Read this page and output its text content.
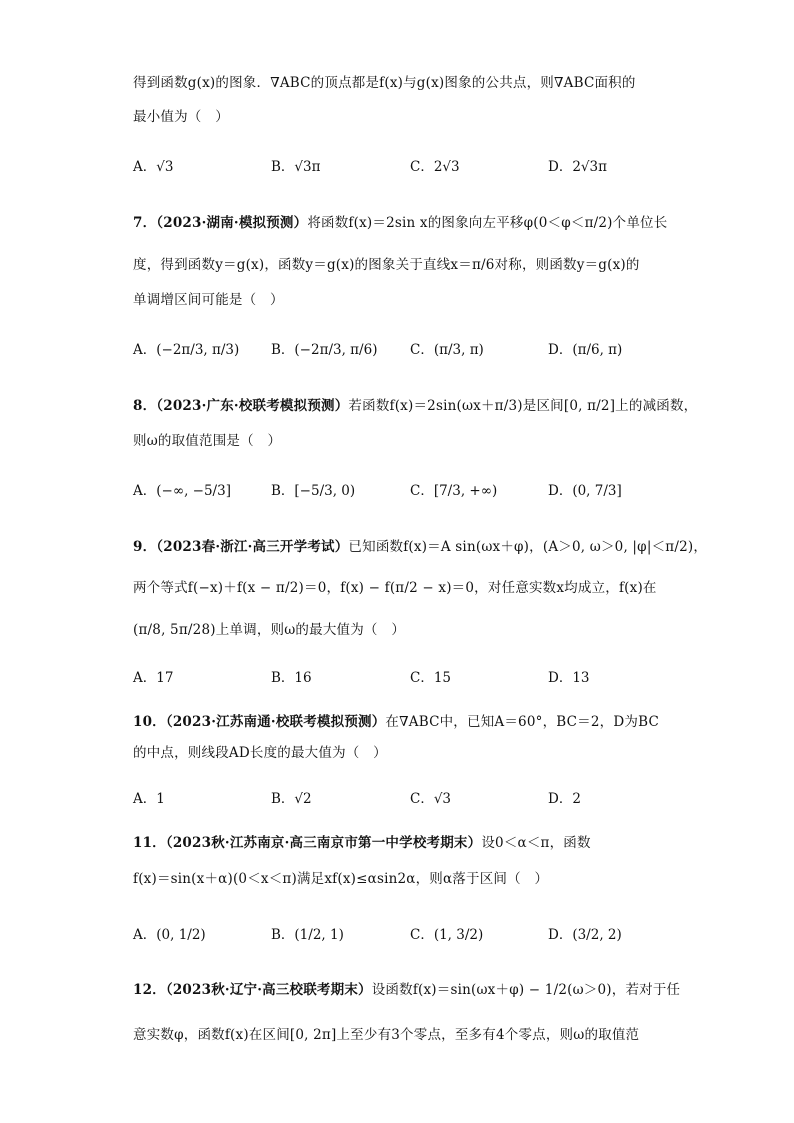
得到函数g(x)的图象．∇ABC的顶点都是f(x)与g(x)图象的公共点，则∇ABC面积的
最小值为（　）
A．√3	B．√3π	C．2√3	D．2√3π
7．（2023·湖南·模拟预测）将函数f(x)＝2sin x的图象向左平移φ(0＜φ＜π/2)个单位长
度，得到函数y＝g(x)，函数y＝g(x)的图象关于直线x＝π/6对称，则函数y＝g(x)的
单调增区间可能是（　）
A．(−2π/3, π/3) B．(−2π/3, π/6) C．(π/3, π)	D．(π/6, π)
8．（2023·广东·校联考模拟预测）若函数f(x)＝2sin(ωx＋π/3)是区间[0, π/2]上的减函数，
则ω的取值范围是（　）
A．(−∞, −5/3]	B．[−5/3, 0)	C．[7/3, +∞)	D．(0, 7/3]
9．（2023春·浙江·高三开学考试）已知函数f(x)＝A sin(ωx＋φ)，(A＞0, ω＞0, |φ|＜π/2)，
两个等式f(−x)＋f(x − π/2)＝0，f(x) − f(π/2 − x)＝0，对任意实数x均成立，f(x)在
(π/8, 5π/28)上单调，则ω的最大值为（　）
A．17	B．16	C．15	D．13
10．（2023·江苏南通·校联考模拟预测）在∇ABC中，已知A＝60°，BC＝2，D为BC
的中点，则线段AD长度的最大值为（　）
A．1	B．√2	C．√3	D．2
11．（2023秋·江苏南京·高三南京市第一中学校考期末）设0＜α＜π，函数
f(x)＝sin(x＋α)(0＜x＜π)满足xf(x)≤αsin2α，则α落于区间（　）
A．(0, 1/2)	B．(1/2, 1)	C．(1, 3/2)	D．(3/2, 2)
12．（2023秋·辽宁·高三校联考期末）设函数f(x)＝sin(ωx＋φ) − 1/2(ω＞0)，若对于任
意实数φ，函数f(x)在区间[0, 2π]上至少有3个零点，至多有4个零点，则ω的取值范
